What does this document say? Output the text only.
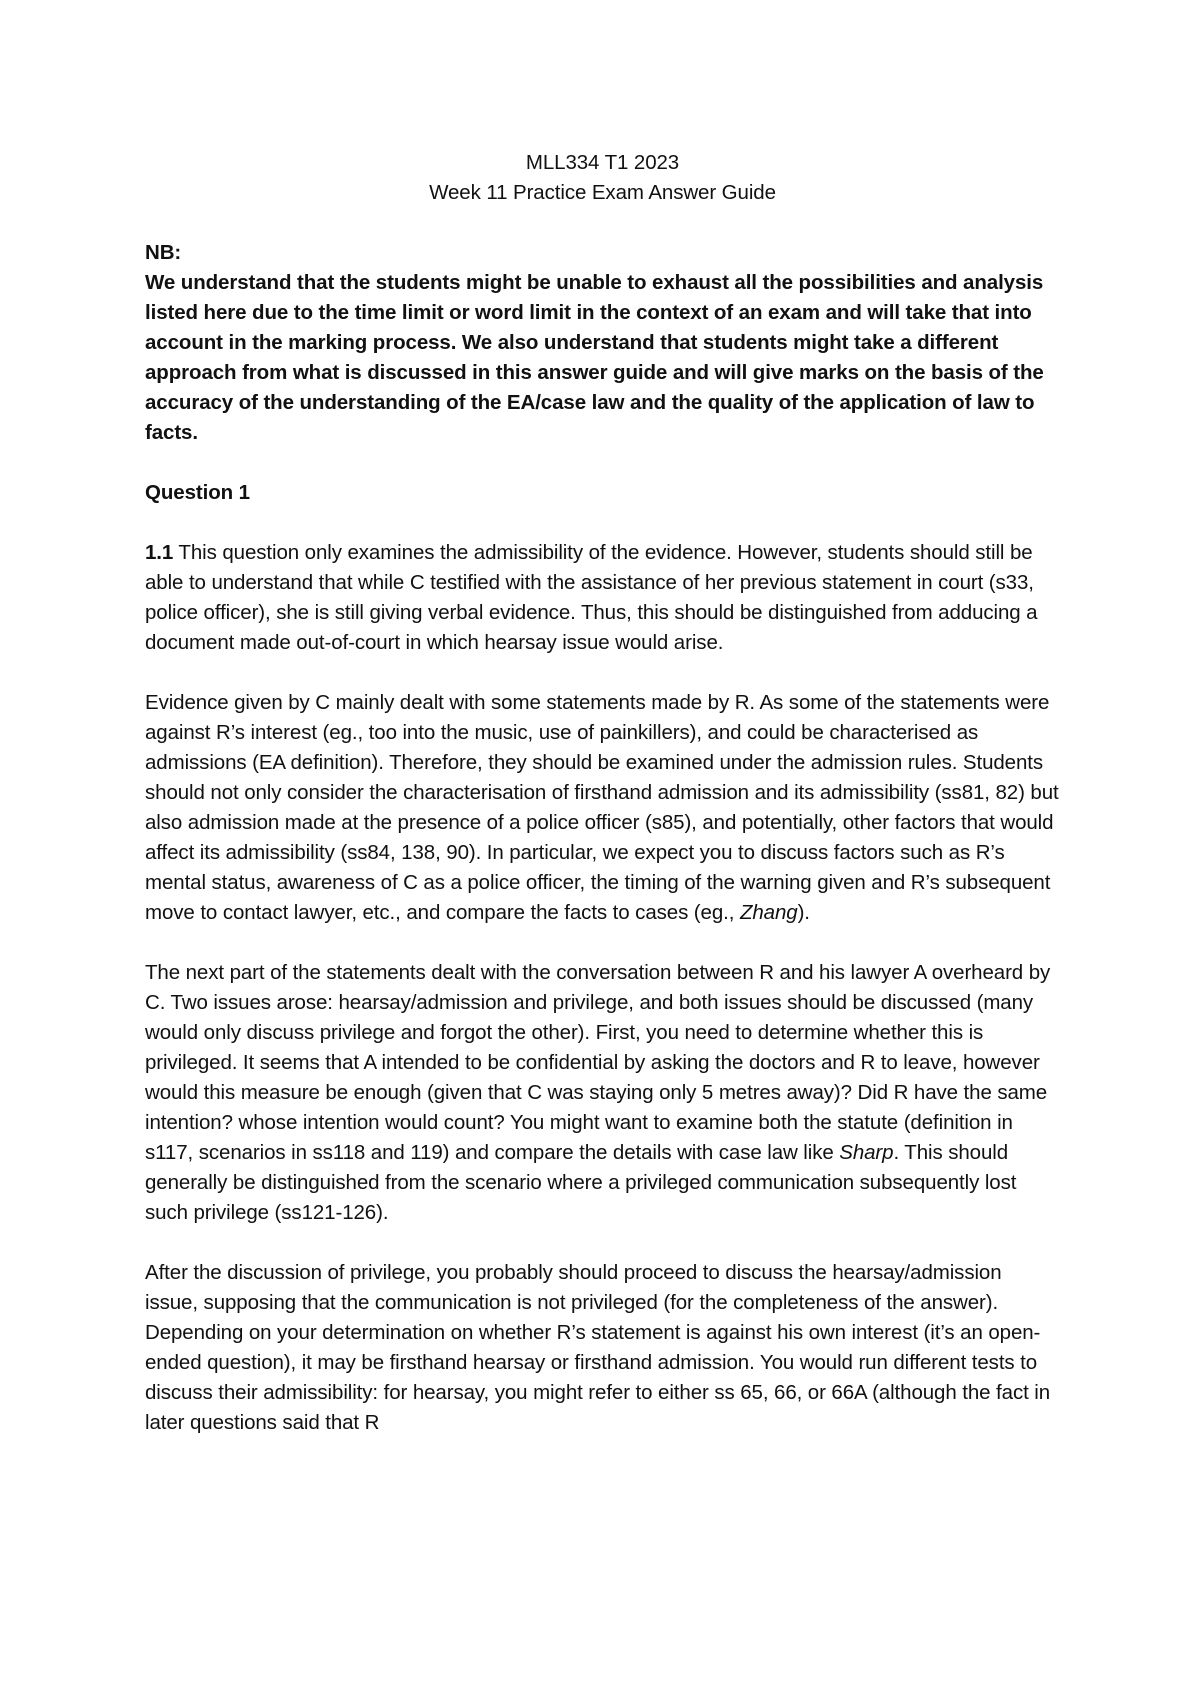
MLL334 T1 2023
Week 11 Practice Exam Answer Guide
NB:
We understand that the students might be unable to exhaust all the possibilities and analysis listed here due to the time limit or word limit in the context of an exam and will take that into account in the marking process. We also understand that students might take a different approach from what is discussed in this answer guide and will give marks on the basis of the accuracy of the understanding of the EA/case law and the quality of the application of law to facts.
Question 1

1.1 This question only examines the admissibility of the evidence. However, students should still be able to understand that while C testified with the assistance of her previous statement in court (s33, police officer), she is still giving verbal evidence. Thus, this should be distinguished from adducing a document made out-of-court in which hearsay issue would arise.

Evidence given by C mainly dealt with some statements made by R. As some of the statements were against R’s interest (eg., too into the music, use of painkillers), and could be characterised as admissions (EA definition). Therefore, they should be examined under the admission rules. Students should not only consider the characterisation of firsthand admission and its admissibility (ss81, 82) but also admission made at the presence of a police officer (s85), and potentially, other factors that would affect its admissibility (ss84, 138, 90). In particular, we expect you to discuss factors such as R’s mental status, awareness of C as a police officer, the timing of the warning given and R’s subsequent move to contact lawyer, etc., and compare the facts to cases (eg., Zhang).

The next part of the statements dealt with the conversation between R and his lawyer A overheard by C. Two issues arose: hearsay/admission and privilege, and both issues should be discussed (many would only discuss privilege and forgot the other). First, you need to determine whether this is privileged. It seems that A intended to be confidential by asking the doctors and R to leave, however would this measure be enough (given that C was staying only 5 metres away)? Did R have the same intention? whose intention would count? You might want to examine both the statute (definition in s117, scenarios in ss118 and 119) and compare the details with case law like Sharp. This should generally be distinguished from the scenario where a privileged communication subsequently lost such privilege (ss121-126).

After the discussion of privilege, you probably should proceed to discuss the hearsay/admission issue, supposing that the communication is not privileged (for the completeness of the answer). Depending on your determination on whether R’s statement is against his own interest (it’s an open-ended question), it may be firsthand hearsay or firsthand admission. You would run different tests to discuss their admissibility: for hearsay, you might refer to either ss 65, 66, or 66A (although the fact in later questions said that R
